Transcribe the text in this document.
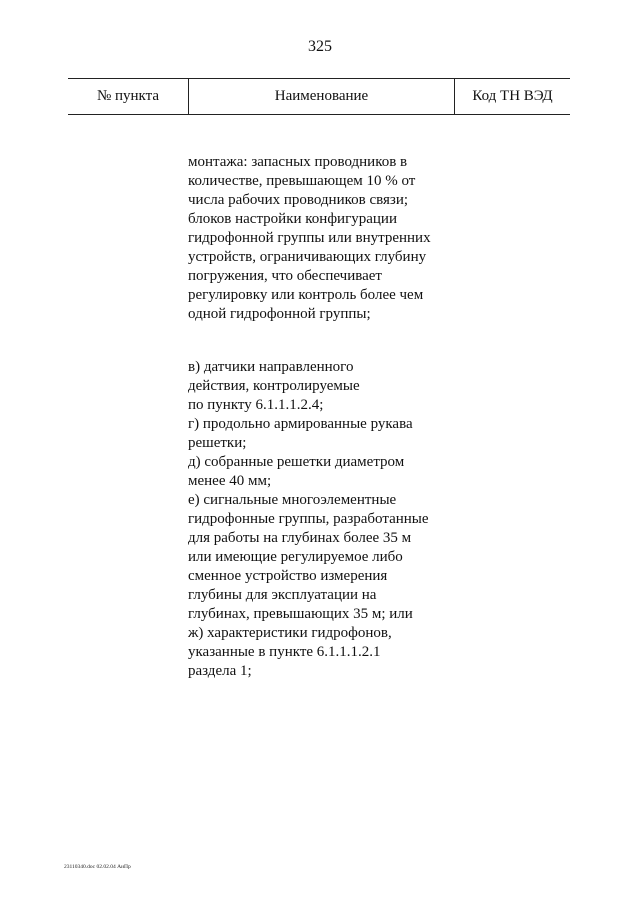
325
№ пункта	Наименование	Код ТН ВЭД

монтажа: запасных проводников в
количестве, превышающем 10 % от
числа рабочих проводников связи;
блоков настройки конфигурации
гидрофонной группы или внутренних
устройств, ограничивающих глубину
погружения, что обеспечивает
регулировку или контроль более чем
одной гидрофонной группы;

в) датчики направленного
действия, контролируемые
по пункту 6.1.1.1.2.4;
г) продольно армированные рукава
решетки;
д) собранные решетки диаметром
менее 40 мм;
е) сигнальные многоэлементные
гидрофонные группы, разработанные
для работы на глубинах более 35 м
или имеющие регулируемое либо
сменное устройство измерения
глубины для эксплуатации на
глубинах, превышающих 35 м; или
ж) характеристики гидрофонов,
указанные в пункте 6.1.1.1.2.1
раздела 1;

23110340.doc 02.02.04 АиПр
